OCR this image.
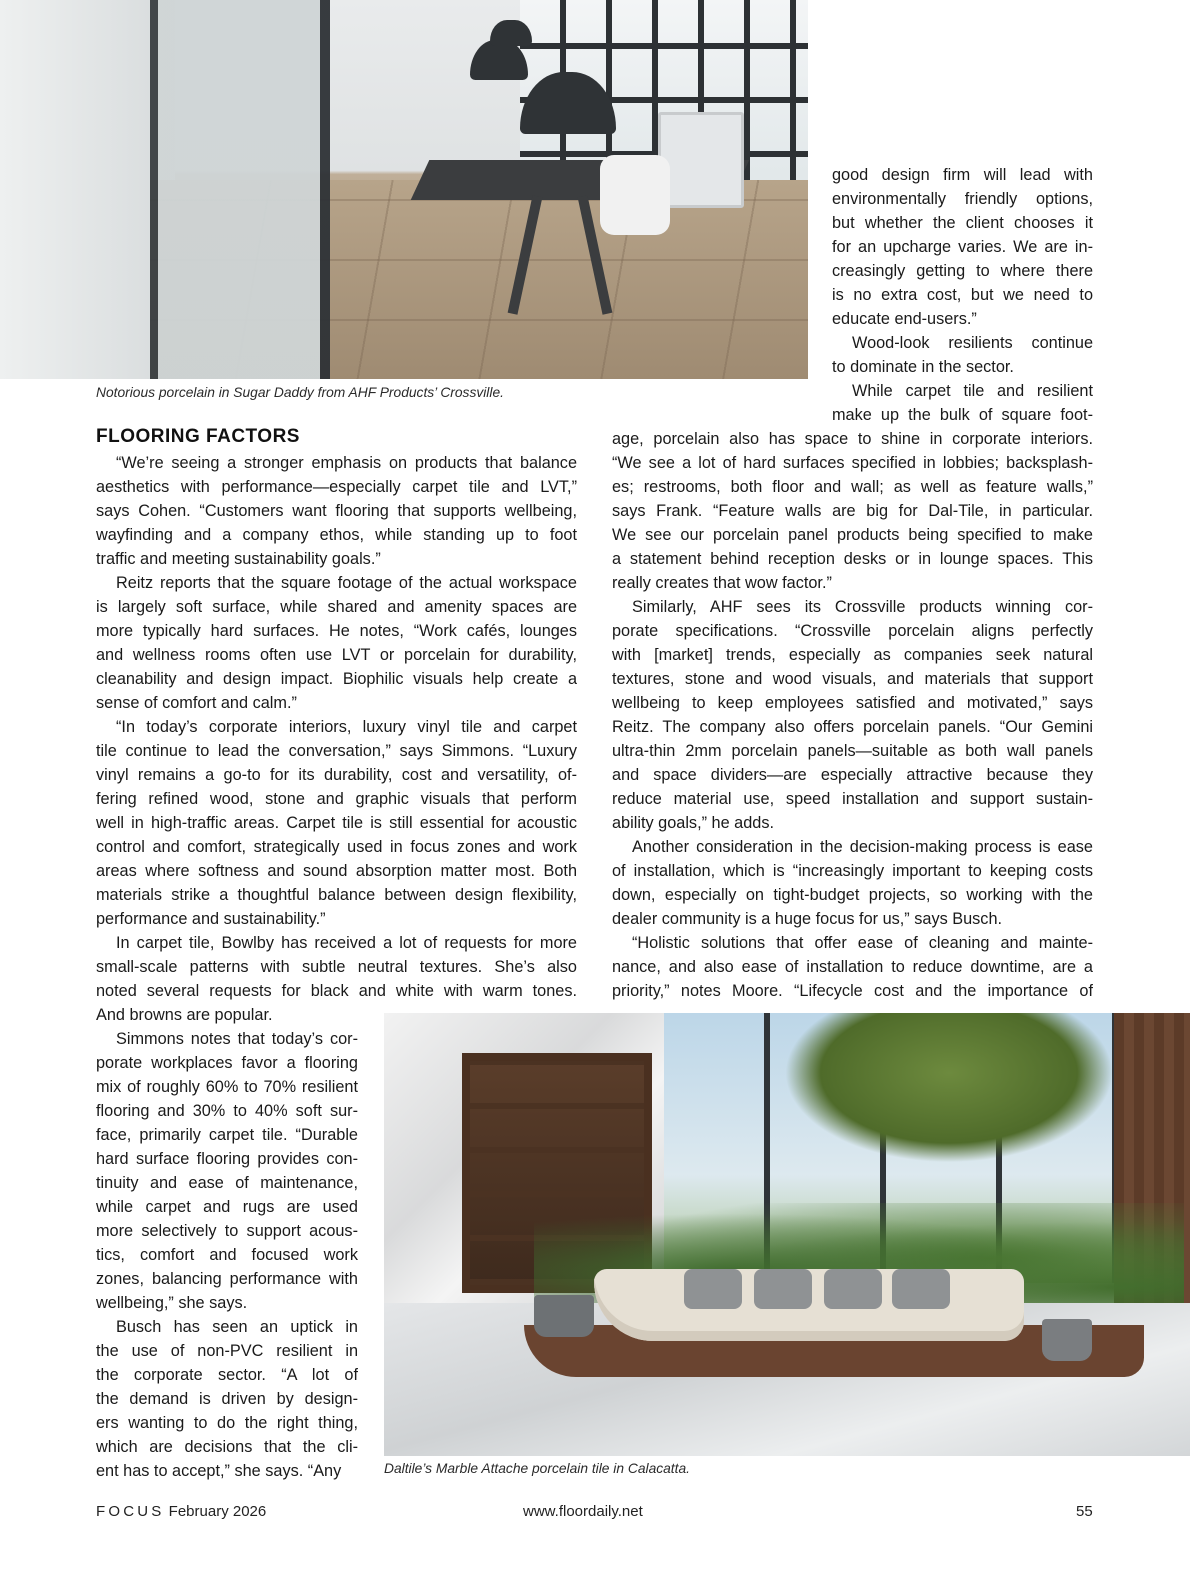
Notorious porcelain in Sugar Daddy from AHF Products’ Crossville.
FLOORING FACTORS

“We’re seeing a stronger emphasis on products that balance

aesthetics with performance—especially carpet tile and LVT,”

says Cohen. “Customers want flooring that supports wellbeing,

wayfinding and a company ethos, while standing up to foot

traffic and meeting sustainability goals.”

Reitz reports that the square footage of the actual workspace

is largely soft surface, while shared and amenity spaces are

more typically hard surfaces. He notes, “Work cafés, lounges

and wellness rooms often use LVT or porcelain for durability,

cleanability and design impact. Biophilic visuals help create a

sense of comfort and calm.”

“In today’s corporate interiors, luxury vinyl tile and carpet

tile continue to lead the conversation,” says Simmons. “Luxury

vinyl remains a go-to for its durability, cost and versatility, of-

fering refined wood, stone and graphic visuals that perform

well in high-traffic areas. Carpet tile is still essential for acoustic

control and comfort, strategically used in focus zones and work

areas where softness and sound absorption matter most. Both

materials strike a thoughtful balance between design flexibility,

performance and sustainability.”

In carpet tile, Bowlby has received a lot of requests for more

small-scale patterns with subtle neutral textures. She’s also

noted several requests for black and white with warm tones.

And browns are popular.

Simmons notes that today’s cor-

porate workplaces favor a flooring

mix of roughly 60% to 70% resilient

flooring and 30% to 40% soft sur-

face, primarily carpet tile. “Durable

hard surface flooring provides con-

tinuity and ease of maintenance,

while carpet and rugs are used

more selectively to support acous-

tics, comfort and focused work

zones, balancing performance with

wellbeing,” she says.

Busch has seen an uptick in

the use of non-PVC resilient in

the corporate sector. “A lot of

the demand is driven by design-

ers wanting to do the right thing,

which are decisions that the cli-

ent has to accept,” she says. “Any

good design firm will lead with

environmentally friendly options,

but whether the client chooses it

for an upcharge varies. We are in-

creasingly getting to where there

is no extra cost, but we need to

educate end-users.”

Wood-look resilients continue

to dominate in the sector.

While carpet tile and resilient

make up the bulk of square foot-

age, porcelain also has space to shine in corporate interiors.

“We see a lot of hard surfaces specified in lobbies; backsplash-

es; restrooms, both floor and wall; as well as feature walls,”

says Frank. “Feature walls are big for Dal-Tile, in particular.

We see our porcelain panel products being specified to make

a statement behind reception desks or in lounge spaces. This

really creates that wow factor.”

Similarly, AHF sees its Crossville products winning cor-

porate specifications. “Crossville porcelain aligns perfectly

with [market] trends, especially as companies seek natural

textures, stone and wood visuals, and materials that support

wellbeing to keep employees satisfied and motivated,” says

Reitz. The company also offers porcelain panels. “Our Gemini

ultra-thin 2mm porcelain panels—suitable as both wall panels

and space dividers—are especially attractive because they

reduce material use, speed installation and support sustain-

ability goals,” he adds.

Another consideration in the decision-making process is ease

of installation, which is “increasingly important to keeping costs

down, especially on tight-budget projects, so working with the

dealer community is a huge focus for us,” says Busch.

“Holistic solutions that offer ease of cleaning and mainte-

nance, and also ease of installation to reduce downtime, are a

priority,” notes Moore. “Lifecycle cost and the importance of

Daltile’s Marble Attache porcelain tile in Calacatta.
FOCUS February 2026	www.floordaily.net	55
